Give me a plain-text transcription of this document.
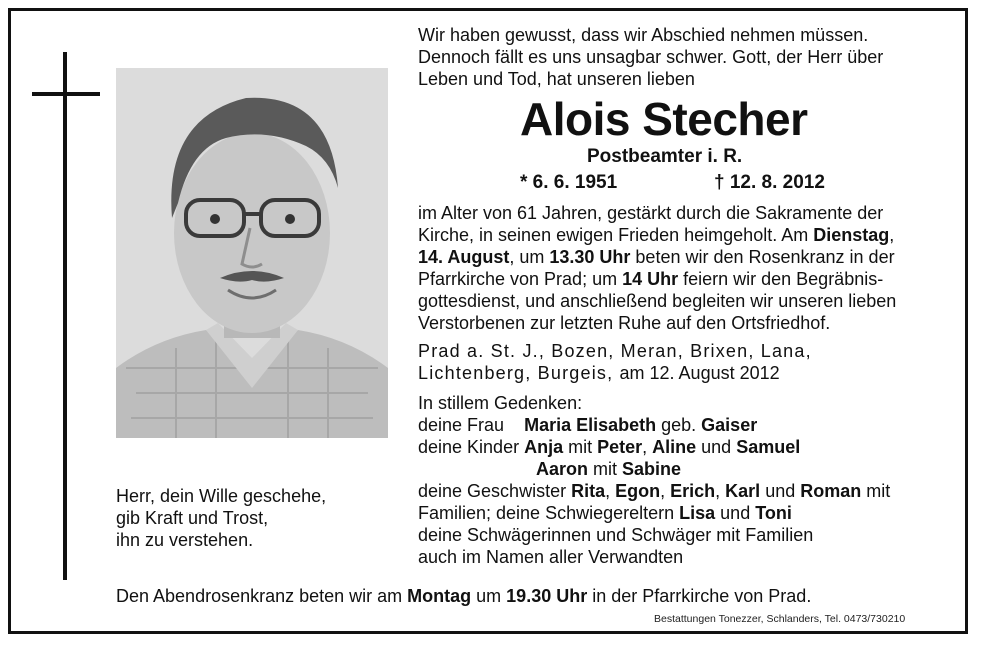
Herr, dein Wille geschehe,
gib Kraft und Trost,
ihn zu verstehen.
Wir haben gewusst, dass wir Abschied nehmen müssen.
Dennoch fällt es uns unsagbar schwer. Gott, der Herr über
Leben und Tod, hat unseren lieben
Alois Stecher
Postbeamter i. R.
* 6. 6. 1951	† 12. 8. 2012
im Alter von 61 Jahren, gestärkt durch die Sakramente der
Kirche, in seinen ewigen Frieden heimgeholt. Am Dienstag,
14. August, um 13.30 Uhr beten wir den Rosenkranz in der
Pfarrkirche von Prad; um 14 Uhr feiern wir den Begräbnis-
gottesdienst, und anschließend begleiten wir unseren lieben
Verstorbenen zur letzten Ruhe auf den Ortsfriedhof.
Prad a. St. J., Bozen, Meran, Brixen, Lana,
Lichtenberg, Burgeis, am 12. August 2012
In stillem Gedenken:
deine Frau    Maria Elisabeth geb. Gaiser
deine Kinder Anja mit Peter, Aline und Samuel
Aaron mit Sabine
deine Geschwister Rita, Egon, Erich, Karl und Roman mit
Familien; deine Schwiegereltern Lisa und Toni
deine Schwägerinnen und Schwäger mit Familien
auch im Namen aller Verwandten
Den Abendrosenkranz beten wir am Montag um 19.30 Uhr in der Pfarrkirche von Prad.
Bestattungen Tonezzer, Schlanders, Tel. 0473/730210
